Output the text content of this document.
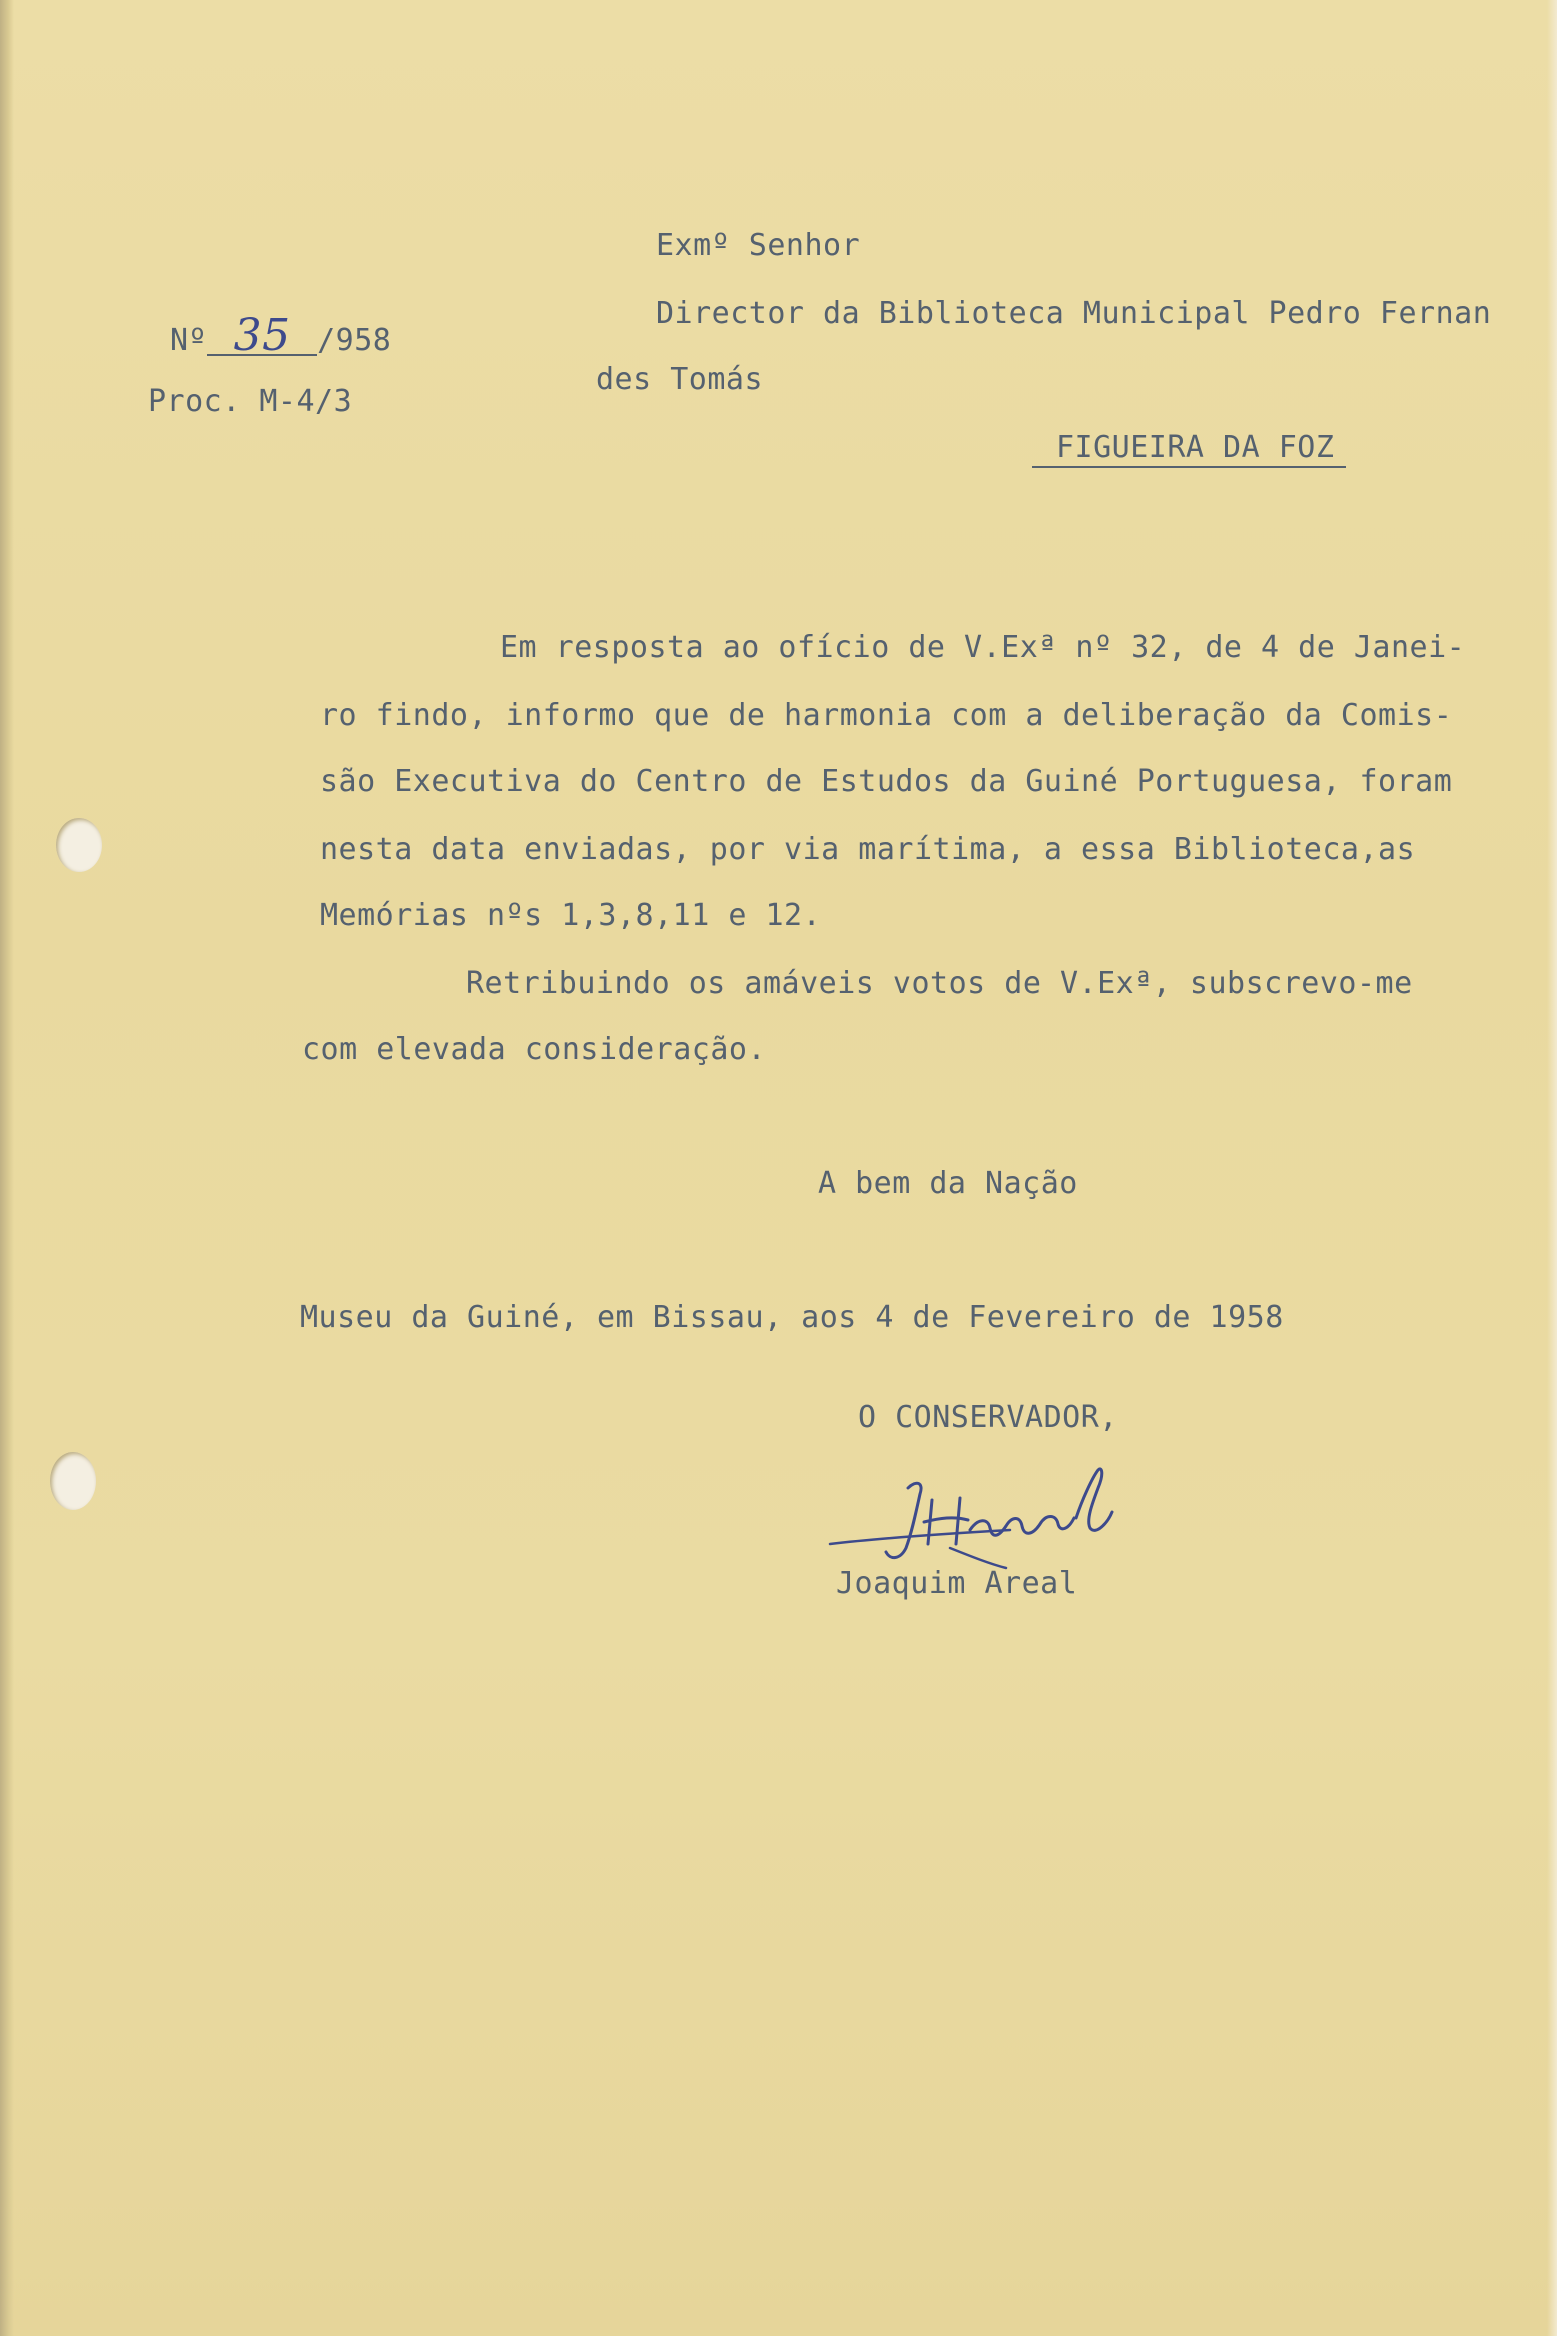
Nº 35 /958
Proc. M-4/3
Exmº Senhor
Director da Biblioteca Municipal Pedro Fernan
des Tomás
FIGUEIRA DA FOZ
Em resposta ao ofício de V.Exª nº 32, de 4 de Janei-
ro findo, informo que de harmonia com a deliberação da Comis-
são Executiva do Centro de Estudos da Guiné Portuguesa, foram
nesta data enviadas, por via marítima, a essa Biblioteca,as
Memórias nºs 1,3,8,11 e 12.
Retribuindo os amáveis votos de V.Exª, subscrevo-me
com elevada consideração.
A bem da Nação
Museu da Guiné, em Bissau, aos 4 de Fevereiro de 1958
O CONSERVADOR,
Joaquim Areal
